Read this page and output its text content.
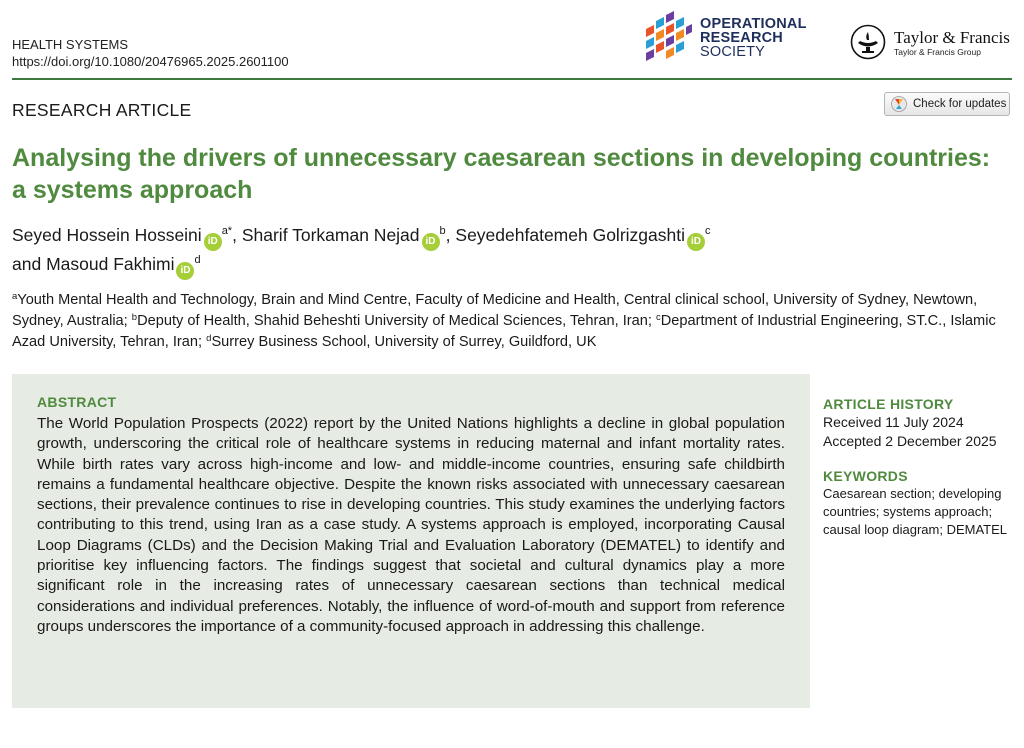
HEALTH SYSTEMS
https://doi.org/10.1080/20476965.2025.2601100
OPERATIONAL
RESEARCH
SOCIETY
Taylor & Francis
Taylor & Francis Group
RESEARCH ARTICLE	Check for updates
Analysing the drivers of unnecessary caesarean sections in developing countries: a systems approach
Seyed Hossein Hosseini $iD^{a*}$, Sharif Torkaman Nejad $iD^b$, Seyedehfatemeh Golrizgashti $iD^c$
and Masoud Fakhimi $iD^d$
$^a$Youth Mental Health and Technology, Brain and Mind Centre, Faculty of Medicine and Health, Central clinical school, University of Sydney, Newtown, Sydney, Australia; $^b$Deputy of Health, Shahid Beheshti University of Medical Sciences, Tehran, Iran; $^c$Department of Industrial Engineering, ST.C., Islamic Azad University, Tehran, Iran; $^d$Surrey Business School, University of Surrey, Guildford, UK
ABSTRACT

The World Population Prospects (2022) report by the United Nations highlights a decline in global population growth, underscoring the critical role of healthcare systems in reducing maternal and infant mortality rates. While birth rates vary across high-income and low- and middle-income countries, ensuring safe childbirth remains a fundamental healthcare objective. Despite the known risks associated with unnecessary caesarean sections, their prevalence continues to rise in developing countries. This study examines the underlying factors contributing to this trend, using Iran as a case study. A systems approach is employed, incorporating Causal Loop Diagrams (CLDs) and the Decision Making Trial and Evaluation Laboratory (DEMATEL) to identify and prioritise key influencing factors. The findings suggest that societal and cultural dynamics play a more significant role in the increasing rates of unnecessary caesarean sections than technical medical considerations and individual preferences. Notably, the influence of word-of-mouth and support from reference groups underscores the importance of a community-focused approach in addressing this challenge.

ARTICLE HISTORY
Received 11 July 2024
Accepted 2 December 2025
KEYWORDS
Caesarean section; developing countries; systems approach; causal loop diagram; DEMATEL
